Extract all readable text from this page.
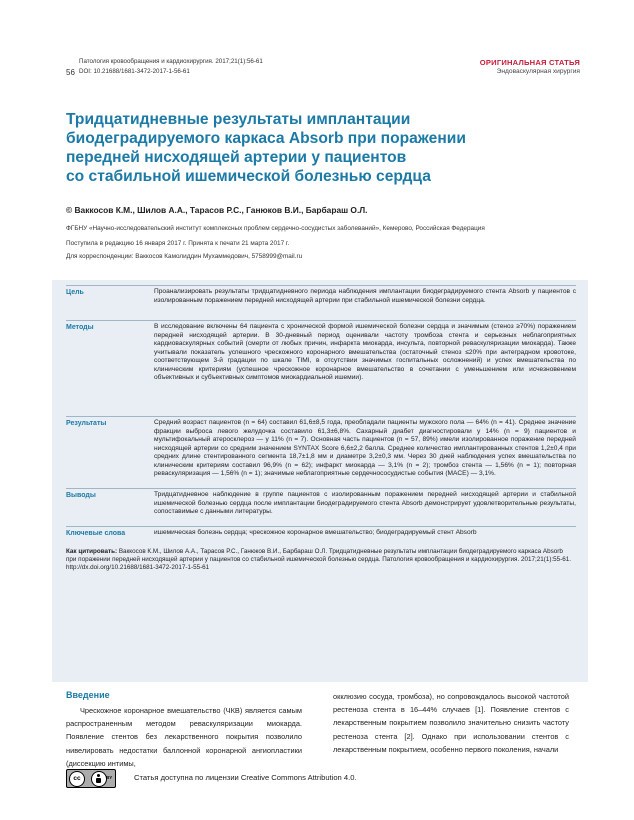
Патология кровообращения и кардиохирургия. 2017;21(1):56-61
56 DOI: 10.21688/1681-3472-2017-1-56-61
ОРИГИНАЛЬНАЯ СТАТЬЯ
Эндоваскулярная хирургия
Тридцатидневные результаты имплантации
биодеградируемого каркаса Absorb при поражении
передней нисходящей артерии у пациентов
со стабильной ишемической болезнью сердца
© Ваккосов К.М., Шилов А.А., Тарасов Р.С., Ганюков В.И., Барбараш О.Л.
ФГБНУ «Научно-исследовательский институт комплексных проблем сердечно-сосудистых заболеваний», Кемерово, Российская Федерация
Поступила в редакцию 16 января 2017 г. Принята к печати 21 марта 2017 г.
Для корреспонденции: Ваккосов Камолиддин Мухаммедович, 5758999@mail.ru
Цель	Проанализировать результаты тридцатидневного периода наблюдения имплантации биодеградируемого стента Absorb у пациентов с изолированным поражением передней нисходящей артерии при стабильной ишемической болезни сердца.
Методы	В исследование включены 64 пациента с хронической формой ишемической болезни сердца и значимым (стеноз ≥70%) поражением передней нисходящей артерии. В 30-дневный период оценивали частоту тромбоза стента и серьезных неблагоприятных кардиоваскулярных событий (смерти от любых причин, инфаркта миокарда, инсульта, повторной реваскуляризации миокарда). Также учитывали показатель успешного чрескожного коронарного вмешательства (остаточный стеноз ≤20% при антеградном кровотоке, соответствующем 3-й градации по шкале TIMI, в отсутствии значимых госпитальных осложнений) и успех вмешательства по клиническим критериям (успешное чрескожное коронарное вмешательство в сочетании с уменьшением или исчезновением объективных и субъективных симптомов миокардиальной ишемии).
Результаты	Средний возраст пациентов (n = 64) составил 61,6±8,5 года, преобладали пациенты мужского пола — 64% (n = 41). Среднее значение фракции выброса левого желудочка составило 61,3±6,8%. Сахарный диабет диагностировали у 14% (n = 9) пациентов и мультифокальный атеросклероз — у 11% (n = 7). Основная часть пациентов (n = 57, 89%) имели изолированное поражение передней нисходящей артерии со средним значением SYNTAX Score 6,6±2,2 балла. Среднее количество имплантированных стентов 1,2±0,4 при средних длине стентированного сегмента 18,7±1,8 мм и диаметре 3,2±0,3 мм. Через 30 дней наблюдения успех вмешательства по клиническим критериям составил 96,9% (n = 62); инфаркт миокарда — 3,1% (n = 2); тромбоз стента — 1,56% (n = 1); повторная реваскуляризация — 1,56% (n = 1); значимые неблагоприятные сердечнососудистые события (MACE) — 3,1%.
Выводы	Тридцатидневное наблюдение в группе пациентов с изолированным поражением передней нисходящей артерии и стабильной ишемической болезнью сердца после имплантации биодеградируемого стента Absorb демонстрирует удовлетворительные результаты, сопоставимые с данными литературы.
Ключевые слова	ишемическая болезнь сердца; чрескожное коронарное вмешательство; биодеградируемый стент Absorb
Как цитировать: Ваккосов К.М., Шилов А.А., Тарасов Р.С., Ганюков В.И., Барбараш О.Л. Тридцатидневные результаты имплантации биодеградируемого каркаса Absorb при поражении передней нисходящей артерии у пациентов со стабильной ишемической болезнью сердца. Патология кровообращения и кардиохирургия. 2017;21(1):55-61. http://dx.doi.org/10.21688/1681-3472-2017-1-55-61
Введение

Чрескожное коронарное вмешательство (ЧКВ) является самым распространенным методом реваскуляризации миокарда. Появление стентов без лекарственного покрытия позволило нивелировать недостатки баллонной коронарной ангиопластики (диссекцию интимы,

окклюзию сосуда, тромбоза), но сопровождалось высокой частотой рестеноза стента в 16–44% случаев [1]. Появление стентов с лекарственным покрытием позволило значительно снизить частоту рестеноза стента [2]. Однако при использовании стентов с лекарственным покрытием, особенно первого поколения, начали

cc	BY	Статья доступна по лицензии Creative Commons Attribution 4.0.
